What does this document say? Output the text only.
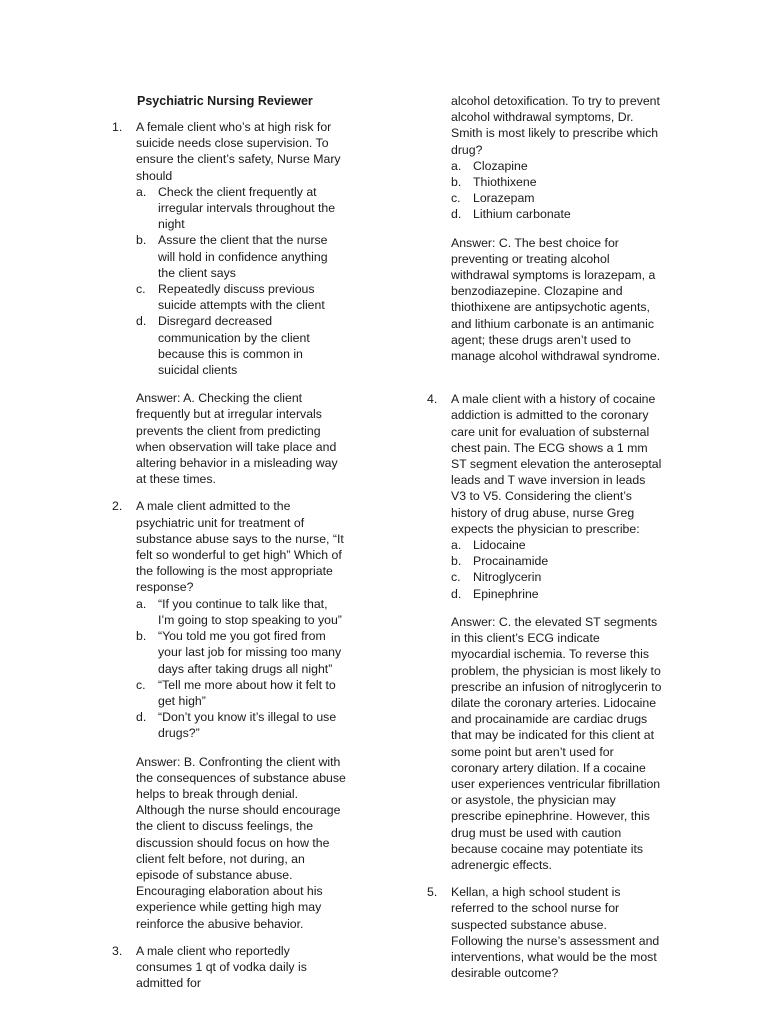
Psychiatric Nursing Reviewer
1. A female client who’s at high risk for suicide needs close supervision. To ensure the client’s safety, Nurse Mary should
a. Check the client frequently at irregular intervals throughout the night
b. Assure the client that the nurse will hold in confidence anything the client says
c. Repeatedly discuss previous suicide attempts with the client
d. Disregard decreased communication by the client because this is common in suicidal clients
Answer: A. Checking the client frequently but at irregular intervals prevents the client from predicting when observation will take place and altering behavior in a misleading way at these times.
2. A male client admitted to the psychiatric unit for treatment of substance abuse says to the nurse, “It felt so wonderful to get high” Which of the following is the most appropriate response?
a. “If you continue to talk like that, I’m going to stop speaking to you”
b. “You told me you got fired from your last job for missing too many days after taking drugs all night”
c. “Tell me more about how it felt to get high”
d. “Don’t you know it’s illegal to use drugs?”
Answer: B. Confronting the client with the consequences of substance abuse helps to break through denial. Although the nurse should encourage the client to discuss feelings, the discussion should focus on how the client felt before, not during, an episode of substance abuse. Encouraging elaboration about his experience while getting high may reinforce the abusive behavior.
3. A male client who reportedly consumes 1 qt of vodka daily is admitted for
alcohol detoxification. To try to prevent alcohol withdrawal symptoms, Dr. Smith is most likely to prescribe which drug?
a. Clozapine
b. Thiothixene
c. Lorazepam
d. Lithium carbonate
Answer: C. The best choice for preventing or treating alcohol withdrawal symptoms is lorazepam, a benzodiazepine. Clozapine and thiothixene are antipsychotic agents, and lithium carbonate is an antimanic agent; these drugs aren’t used to manage alcohol withdrawal syndrome.
4. A male client with a history of cocaine addiction is admitted to the coronary care unit for evaluation of substernal chest pain. The ECG shows a 1 mm ST segment elevation the anteroseptal leads and T wave inversion in leads V3 to V5. Considering the client’s history of drug abuse, nurse Greg expects the physician to prescribe:
a. Lidocaine
b. Procainamide
c. Nitroglycerin
d. Epinephrine
Answer: C. the elevated ST segments in this client’s ECG indicate myocardial ischemia. To reverse this problem, the physician is most likely to prescribe an infusion of nitroglycerin to dilate the coronary arteries. Lidocaine and procainamide are cardiac drugs that may be indicated for this client at some point but aren’t used for coronary artery dilation. If a cocaine user experiences ventricular fibrillation or asystole, the physician may prescribe epinephrine. However, this drug must be used with caution because cocaine may potentiate its adrenergic effects.
5. Kellan, a high school student is referred to the school nurse for suspected substance abuse. Following the nurse’s assessment and interventions, what would be the most desirable outcome?
